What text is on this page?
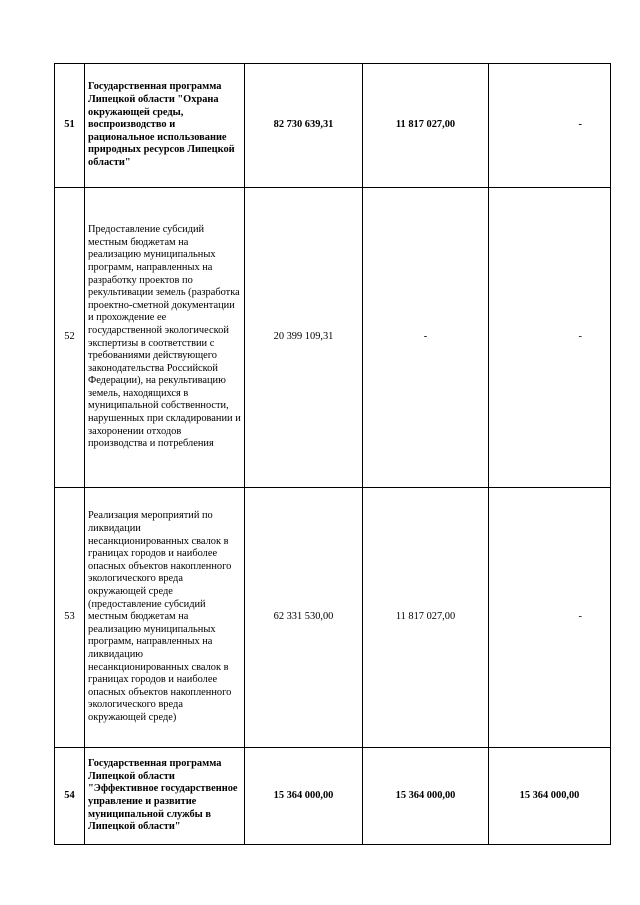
51	Государственная программа Липецкой области "Охрана окружающей среды, воспроизводство и рациональное использование природных ресурсов Липецкой области"	82 730 639,31	11 817 027,00	-
52	Предоставление субсидий местным бюджетам на реализацию муниципальных программ, направленных на разработку проектов по рекультивации земель (разработка проектно-сметной документации и прохождение ее государственной экологической экспертизы в соответствии с требованиями действующего законодательства Российской Федерации), на рекультивацию земель, находящихся в муниципальной собственности, нарушенных при складировании и захоронении отходов производства и потребления	20 399 109,31	-	-
53	Реализация мероприятий по ликвидации несанкционированных свалок в границах городов и наиболее опасных объектов накопленного экологического вреда окружающей среде (предоставление субсидий местным бюджетам на реализацию муниципальных программ, направленных на ликвидацию несанкционированных свалок в границах городов и наиболее опасных объектов накопленного экологического вреда окружающей среде)	62 331 530,00	11 817 027,00	-
54	Государственная программа Липецкой области "Эффективное государственное управление и развитие муниципальной службы в Липецкой области"	15 364 000,00	15 364 000,00	15 364 000,00
